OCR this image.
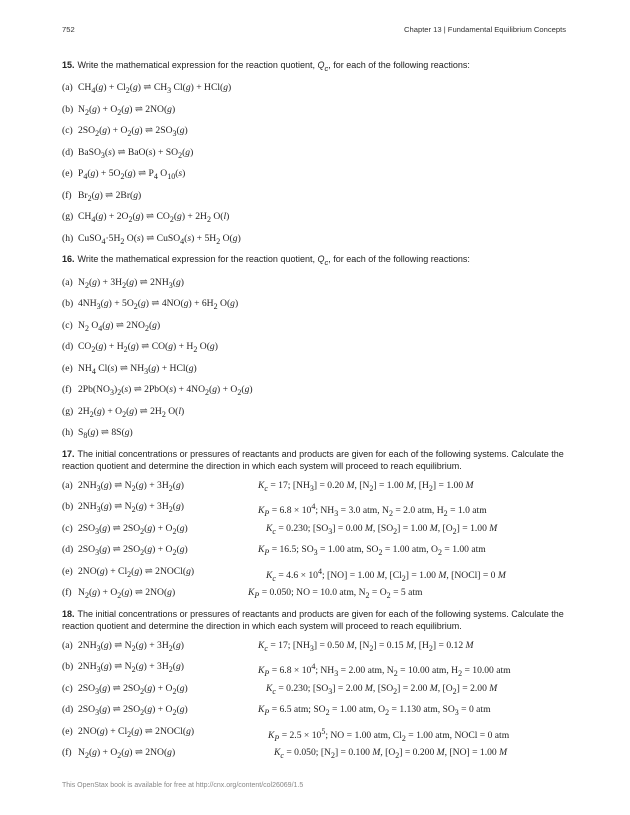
752	Chapter 13 | Fundamental Equilibrium Concepts
15. Write the mathematical expression for the reaction quotient, $Q_c$, for each of the following reactions:
(a) $CH_4(g) + Cl_2(g)$ ⇌ $CH_3$ Cl(g) + HCl(g)
(b) $N_2(g) + O_2(g)$ ⇌ 2NO(g)
(c) $2SO_2(g) + O_2(g)$ ⇌ $2SO_3(g)$
(d) BaSO$_3$(s) ⇌ $BaO(s) + SO_2(g)$
(e) $P_4(g) + 5O_2(g)$ ⇌ $P_4$ $O_{10}(s)$
(f) $Br_2(g)$ ⇌ 2Br(g)
(g) $CH_4(g) + 2O_2(g)$ ⇌ $CO_2(g) + 2H_2$ O(l)
(h) $CuSO_4\cdot 5H_2$ O(s) ⇌ CuSO$_4$(s) + $5H_2$ O(g)
16. Write the mathematical expression for the reaction quotient, $Q_c$, for each of the following reactions:
(a) $N_2(g) + 3H_2(g)$ ⇌ $2NH_3(g)$
(b) $4NH_3(g) + 5O_2(g)$ ⇌ $4NO(g) + 6H_2$ O(g)
(c) $N_2$ $O_4(g)$ ⇌ $2NO_2(g)$
(d) $CO_2(g) + H_2(g)$ ⇌ $CO(g) + H_2$ O(g)
(e) $NH_4$ Cl(s) ⇌ $NH_3(g) + HCl(g)$
(f) $2Pb(NO_3)_2(s)$ ⇌ $2PbO(s) + 4NO_2(g) + O_2(g)$
(g) $2H_2(g) + O_2(g)$ ⇌ $2H_2$ O(l)
(h) $S_8(g)$ ⇌ 8S(g)
17. The initial concentrations or pressures of reactants and products are given for each of the following systems. Calculate the reaction quotient and determine the direction in which each system will proceed to reach equilibrium.
(a) $2NH_3(g)$ ⇌ $N_2(g) + 3H_2(g)$	$K_c = 17$; $[NH_3] = 0.20$ M, $[N_2] = 1.00$ M, $[H_2] = 1.00$ M
(b) $2NH_3(g)$ ⇌ $N_2(g) + 3H_2(g)$	$K_P = 6.8 \times 10^4$; $NH_3 = 3.0$ atm, $N_2 = 2.0$ atm, $H_2 = 1.0$ atm
(c) $2SO_3(g)$ ⇌ $2SO_2(g) + O_2(g)$	$K_c = 0.230$; $[SO_3] = 0.00$ M, $[SO_2] = 1.00$ M, $[O_2] = 1.00$ M
(d) $2SO_3(g)$ ⇌ $2SO_2(g) + O_2(g)$	$K_P = 16.5$; $SO_3 = 1.00$ atm, $SO_2 = 1.00$ atm, $O_2 = 1.00$ atm
(e) $2NO(g) + Cl_2(g)$ ⇌ 2NOCl(g)	$K_c = 4.6 \times 10^4$; [NO] = 1.00 M, $[Cl_2] = 1.00$ M, [NOCl] = 0 M
(f) $N_2(g) + O_2(g)$ ⇌ 2NO(g)	$K_P = 0.050$; NO = 10.0 atm, $N_2 = O_2 = 5$ atm
18. The initial concentrations or pressures of reactants and products are given for each of the following systems. Calculate the reaction quotient and determine the direction in which each system will proceed to reach equilibrium.
(a) $2NH_3(g)$ ⇌ $N_2(g) + 3H_2(g)$	$K_c = 17$; $[NH_3] = 0.50$ M, $[N_2] = 0.15$ M, $[H_2] = 0.12$ M
(b) $2NH_3(g)$ ⇌ $N_2(g) + 3H_2(g)$	$K_P = 6.8 \times 10^4$; $NH_3 = 2.00$ atm, $N_2 = 10.00$ atm, $H_2 = 10.00$ atm
(c) $2SO_3(g)$ ⇌ $2SO_2(g) + O_2(g)$	$K_c = 0.230$; $[SO_3] = 2.00$ M, $[SO_2] = 2.00$ M, $[O_2] = 2.00$ M
(d) $2SO_3(g)$ ⇌ $2SO_2(g) + O_2(g)$	$K_P = 6.5$ atm; $SO_2 = 1.00$ atm, $O_2 = 1.130$ atm, $SO_3 = 0$ atm
(e) $2NO(g) + Cl_2(g)$ ⇌ 2NOCl(g)	$K_P = 2.5 \times 10^5$; NO = 1.00 atm, $Cl_2 = 1.00$ atm, NOCl = 0 atm
(f) $N_2(g) + O_2(g)$ ⇌ 2NO(g)	$K_c = 0.050$; $[N_2] = 0.100$ M, $[O_2] = 0.200$ M, [NO] = 1.00 M
This OpenStax book is available for free at http://cnx.org/content/col26069/1.5
